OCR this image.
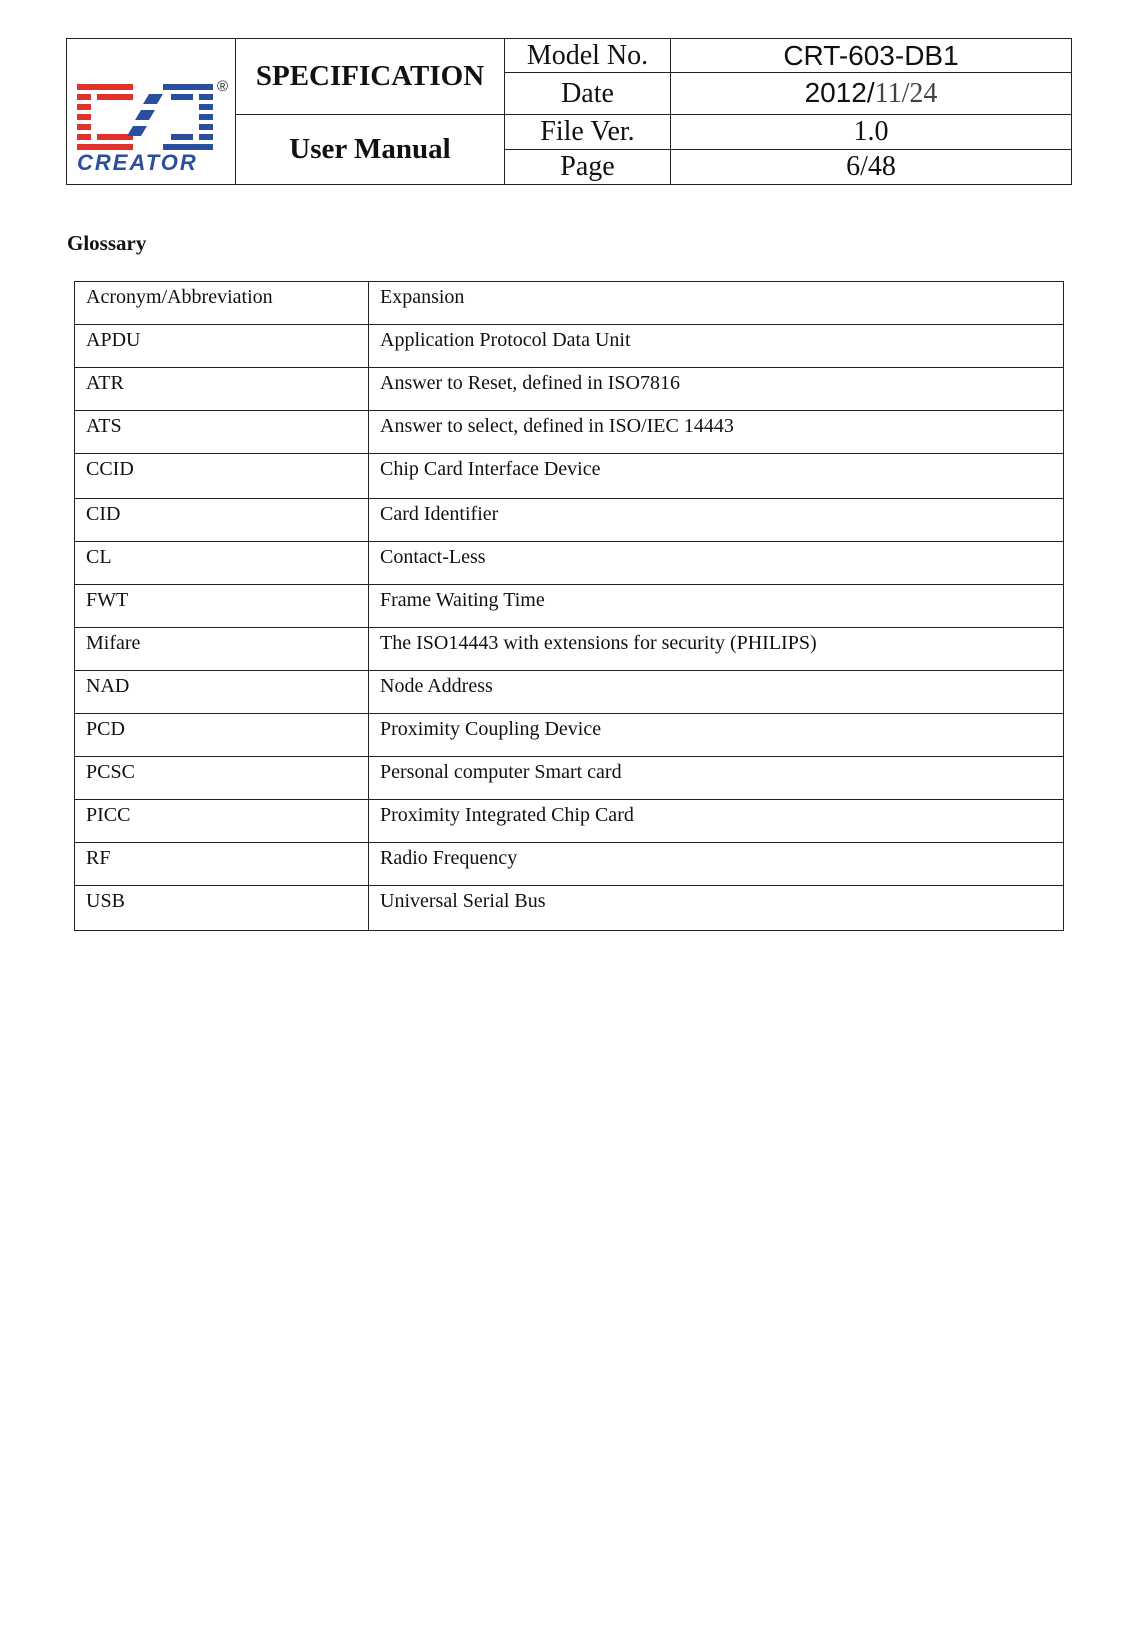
®
CREATOR	SPECIFICATION	Model No.	CRT-603-DB1
		Date	2012/11/24
	User Manual	File Ver.	1.0
		Page	6/48
Glossary
Acronym/Abbreviation	Expansion
APDU	Application Protocol Data Unit
ATR	Answer to Reset, defined in ISO7816
ATS	Answer to select, defined in ISO/IEC 14443
CCID	Chip Card Interface Device
CID	Card Identifier
CL	Contact-Less
FWT	Frame Waiting Time
Mifare	The ISO14443 with extensions for security (PHILIPS)
NAD	Node Address
PCD	Proximity Coupling Device
PCSC	Personal computer Smart card
PICC	Proximity Integrated Chip Card
RF	Radio Frequency
USB	Universal Serial Bus
